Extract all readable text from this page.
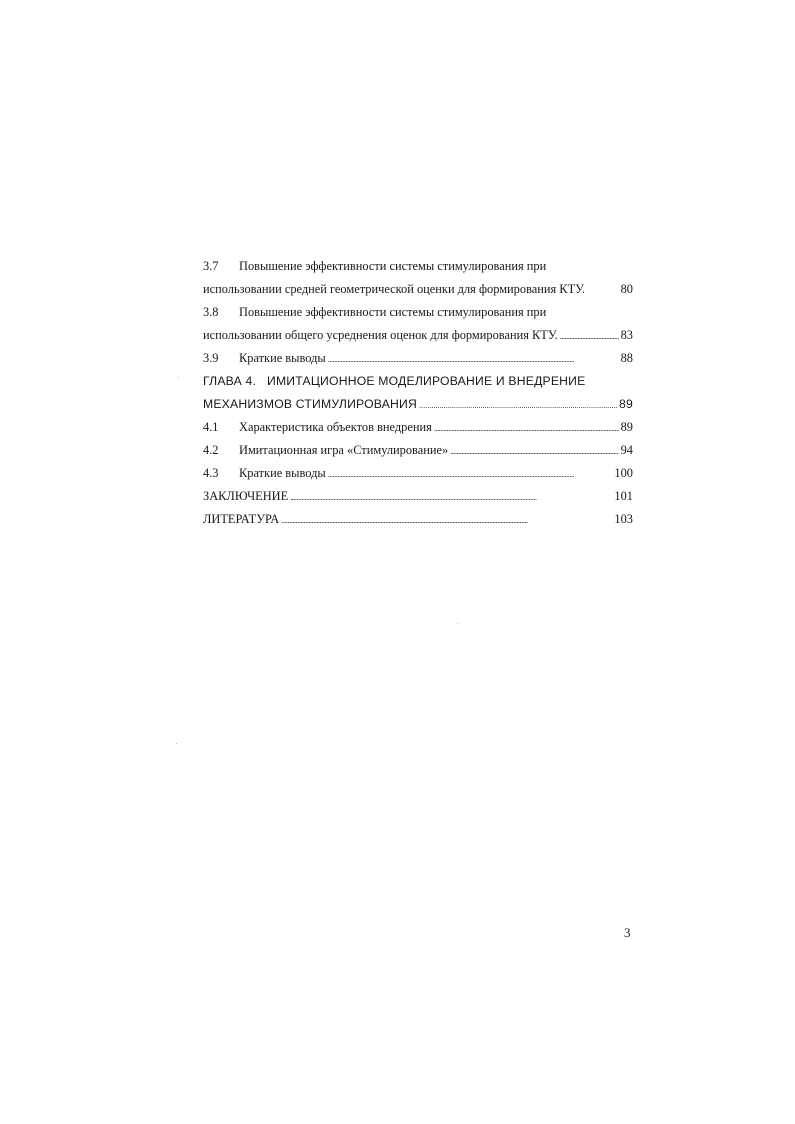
3.7	Повышение эффективности системы стимулирования при
использовании средней геометрической оценки для формирования КТУ.	80
3.8	Повышение эффективности системы стимулирования при
использовании общего усреднения оценок для формирования КТУ. . . .	83
3.9	Краткие выводы . . .	88
ГЛАВА 4. ИМИТАЦИОННОЕ МОДЕЛИРОВАНИЕ И ВНЕДРЕНИЕ
МЕХАНИЗМОВ СТИМУЛИРОВАНИЯ . . .	89
4.1	Характеристика объектов внедрения . . .	89
4.2	Имитационная игра «Стимулирование» . . .	94
4.3	Краткие выводы . . .	100
ЗАКЛЮЧЕНИЕ . . .	101
ЛИТЕРАТУРА . . .	103
3
